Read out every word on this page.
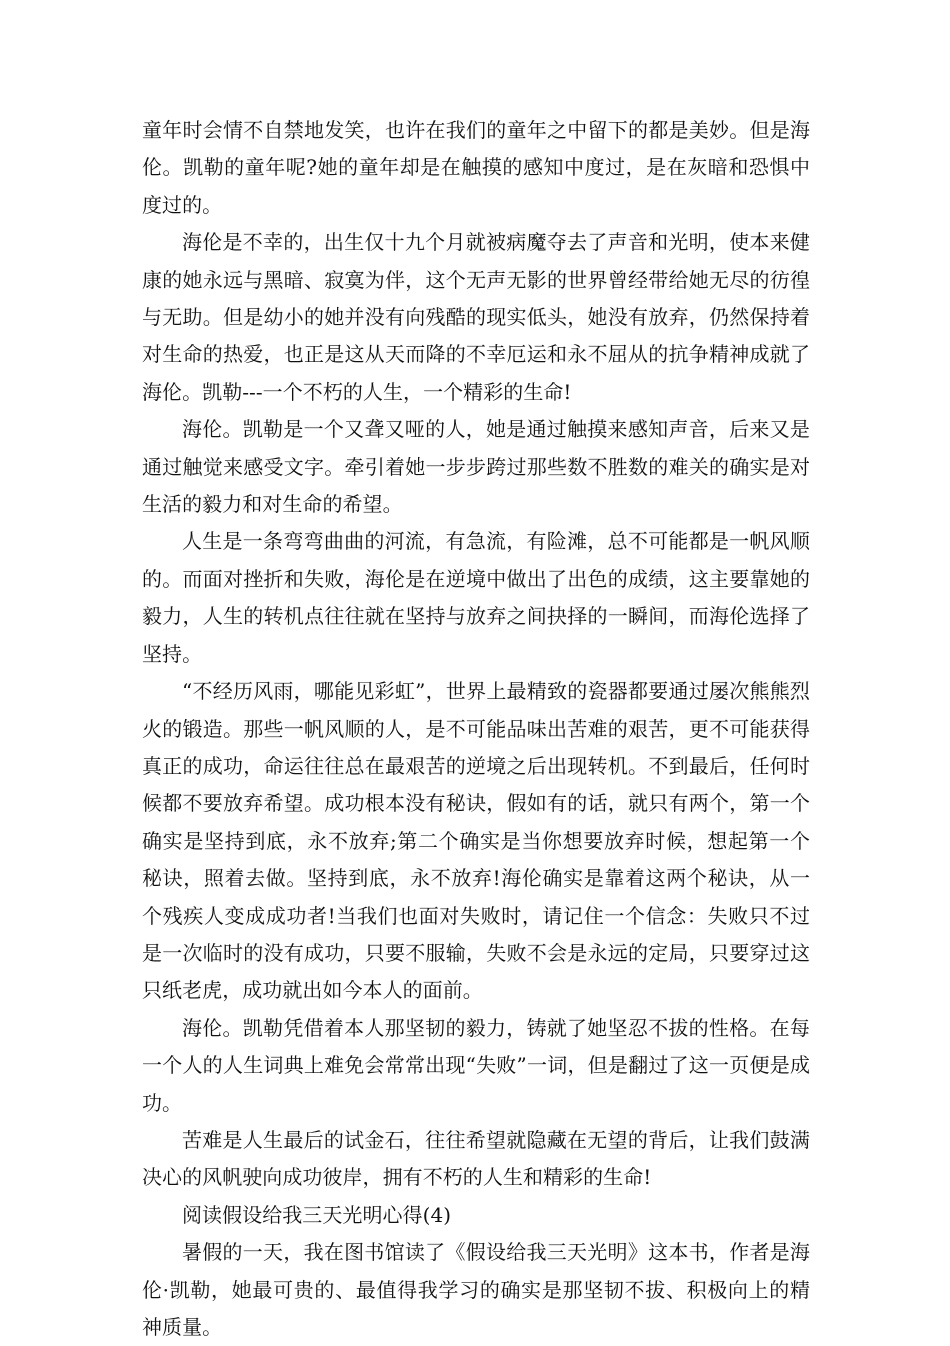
童年时会情不自禁地发笑，也许在我们的童年之中留下的都是美妙。但是海伦。凯勒的童年呢?她的童年却是在触摸的感知中度过，是在灰暗和恐惧中度过的。

海伦是不幸的，出生仅十九个月就被病魔夺去了声音和光明，使本来健康的她永远与黑暗、寂寞为伴，这个无声无影的世界曾经带给她无尽的彷徨与无助。但是幼小的她并没有向残酷的现实低头，她没有放弃，仍然保持着对生命的热爱，也正是这从天而降的不幸厄运和永不屈从的抗争精神成就了海伦。凯勒---一个不朽的人生，一个精彩的生命!

海伦。凯勒是一个又聋又哑的人，她是通过触摸来感知声音，后来又是通过触觉来感受文字。牵引着她一步步跨过那些数不胜数的难关的确实是对生活的毅力和对生命的希望。

人生是一条弯弯曲曲的河流，有急流，有险滩，总不可能都是一帆风顺的。而面对挫折和失败，海伦是在逆境中做出了出色的成绩，这主要靠她的毅力，人生的转机点往往就在坚持与放弃之间抉择的一瞬间，而海伦选择了坚持。

“不经历风雨，哪能见彩虹”，世界上最精致的瓷器都要通过屡次熊熊烈火的锻造。那些一帆风顺的人，是不可能品味出苦难的艰苦，更不可能获得真正的成功，命运往往总在最艰苦的逆境之后出现转机。不到最后，任何时候都不要放弃希望。成功根本没有秘诀，假如有的话，就只有两个，第一个确实是坚持到底，永不放弃;第二个确实是当你想要放弃时候，想起第一个秘诀，照着去做。坚持到底，永不放弃!海伦确实是靠着这两个秘诀，从一个残疾人变成成功者!当我们也面对失败时，请记住一个信念：失败只不过是一次临时的没有成功，只要不服输，失败不会是永远的定局，只要穿过这只纸老虎，成功就出如今本人的面前。

海伦。凯勒凭借着本人那坚韧的毅力，铸就了她坚忍不拔的性格。在每一个人的人生词典上难免会常常出现“失败”一词，但是翻过了这一页便是成功。

苦难是人生最后的试金石，往往希望就隐藏在无望的背后，让我们鼓满决心的风帆驶向成功彼岸，拥有不朽的人生和精彩的生命!

阅读假设给我三天光明心得(4)

暑假的一天，我在图书馆读了《假设给我三天光明》这本书，作者是海伦·凯勒，她最可贵的、最值得我学习的确实是那坚韧不拔、积极向上的精神质量。
